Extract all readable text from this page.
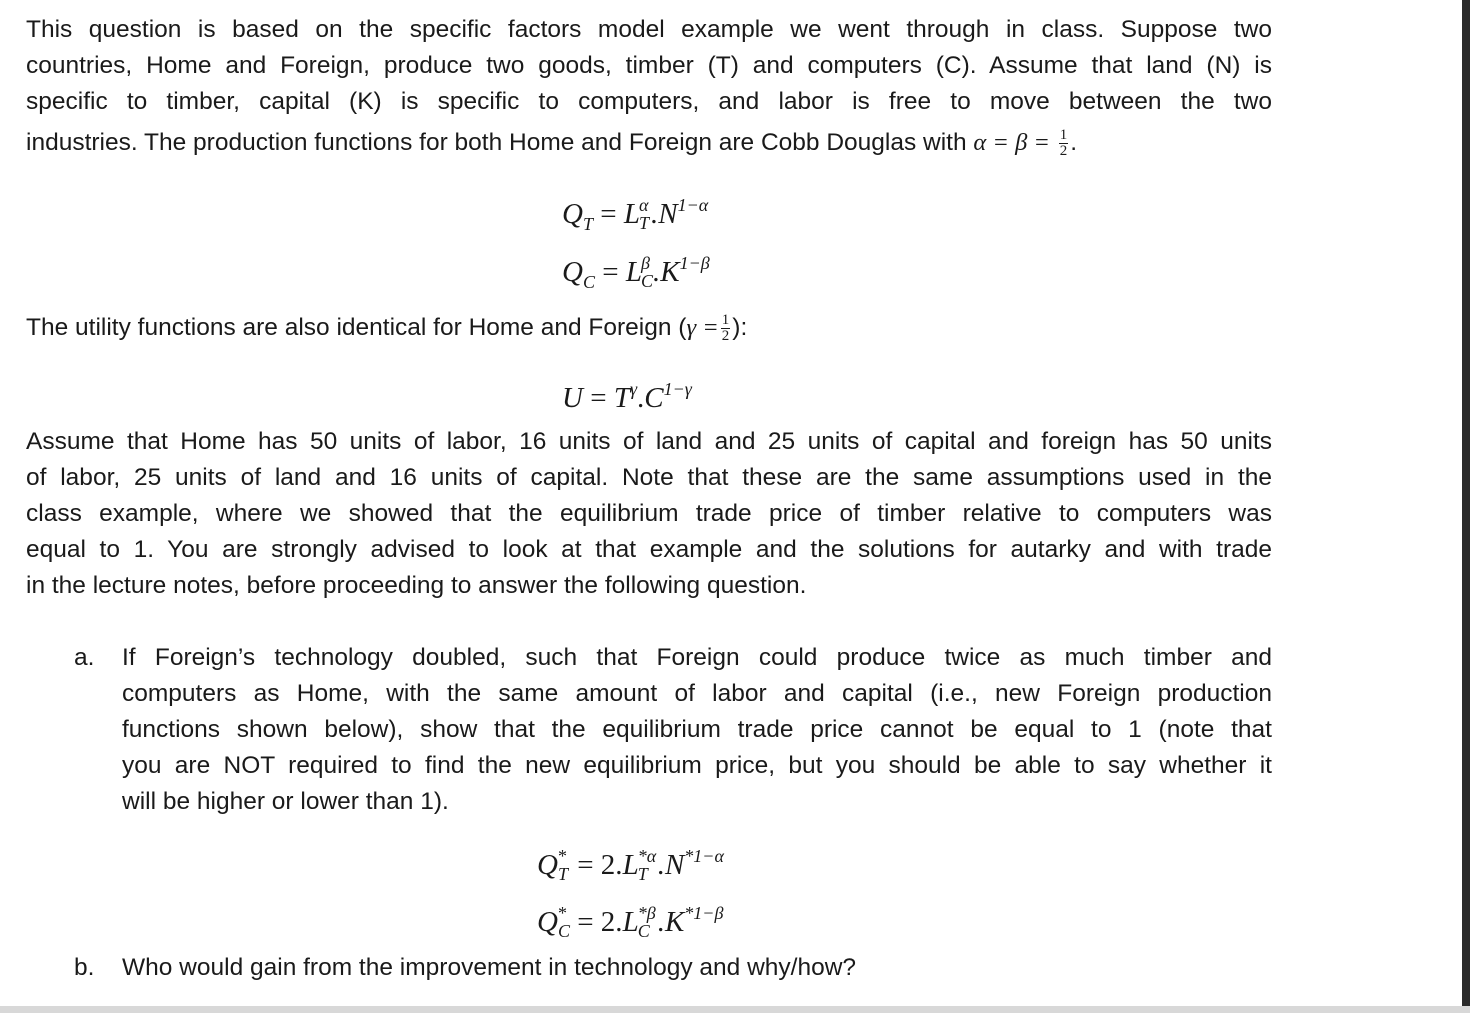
This question is based on the specific factors model example we went through in class. Suppose two
countries, Home and Foreign, produce two goods, timber (T) and computers (C). Assume that land (N) is
specific to timber, capital (K) is specific to computers, and labor is free to move between the two
industries. The production functions for both Home and Foreign are Cobb Douglas with $\alpha = \beta = \frac{1}{2}$ .
$Q_T = L$ α
T $.N^{1-\alpha}$
$Q_C = L$ β
C $.K^{1-\beta}$
The utility functions are also identical for Home and Foreign ($\gamma = \frac{1}{2}$ ):
$U = T^\gamma.C^{1-\gamma}$
Assume that Home has 50 units of labor, 16 units of land and 25 units of capital and foreign has 50 units
of labor, 25 units of land and 16 units of capital. Note that these are the same assumptions used in the
class example, where we showed that the equilibrium trade price of timber relative to computers was
equal to 1. You are strongly advised to look at that example and the solutions for autarky and with trade
in the lecture notes, before proceeding to answer the following question.
a. If Foreign’s technology doubled, such that Foreign could produce twice as much timber and
computers as Home, with the same amount of labor and capital (i.e., new Foreign production
functions shown below), show that the equilibrium trade price cannot be equal to 1 (note that
you are NOT required to find the new equilibrium price, but you should be able to say whether it
will be higher or lower than 1).
Q *
T = 2.L *α
T $.N^{*1-\alpha}$
Q *
C = 2.L *β
C $.K^{*1-\beta}$
b. Who would gain from the improvement in technology and why/how?
